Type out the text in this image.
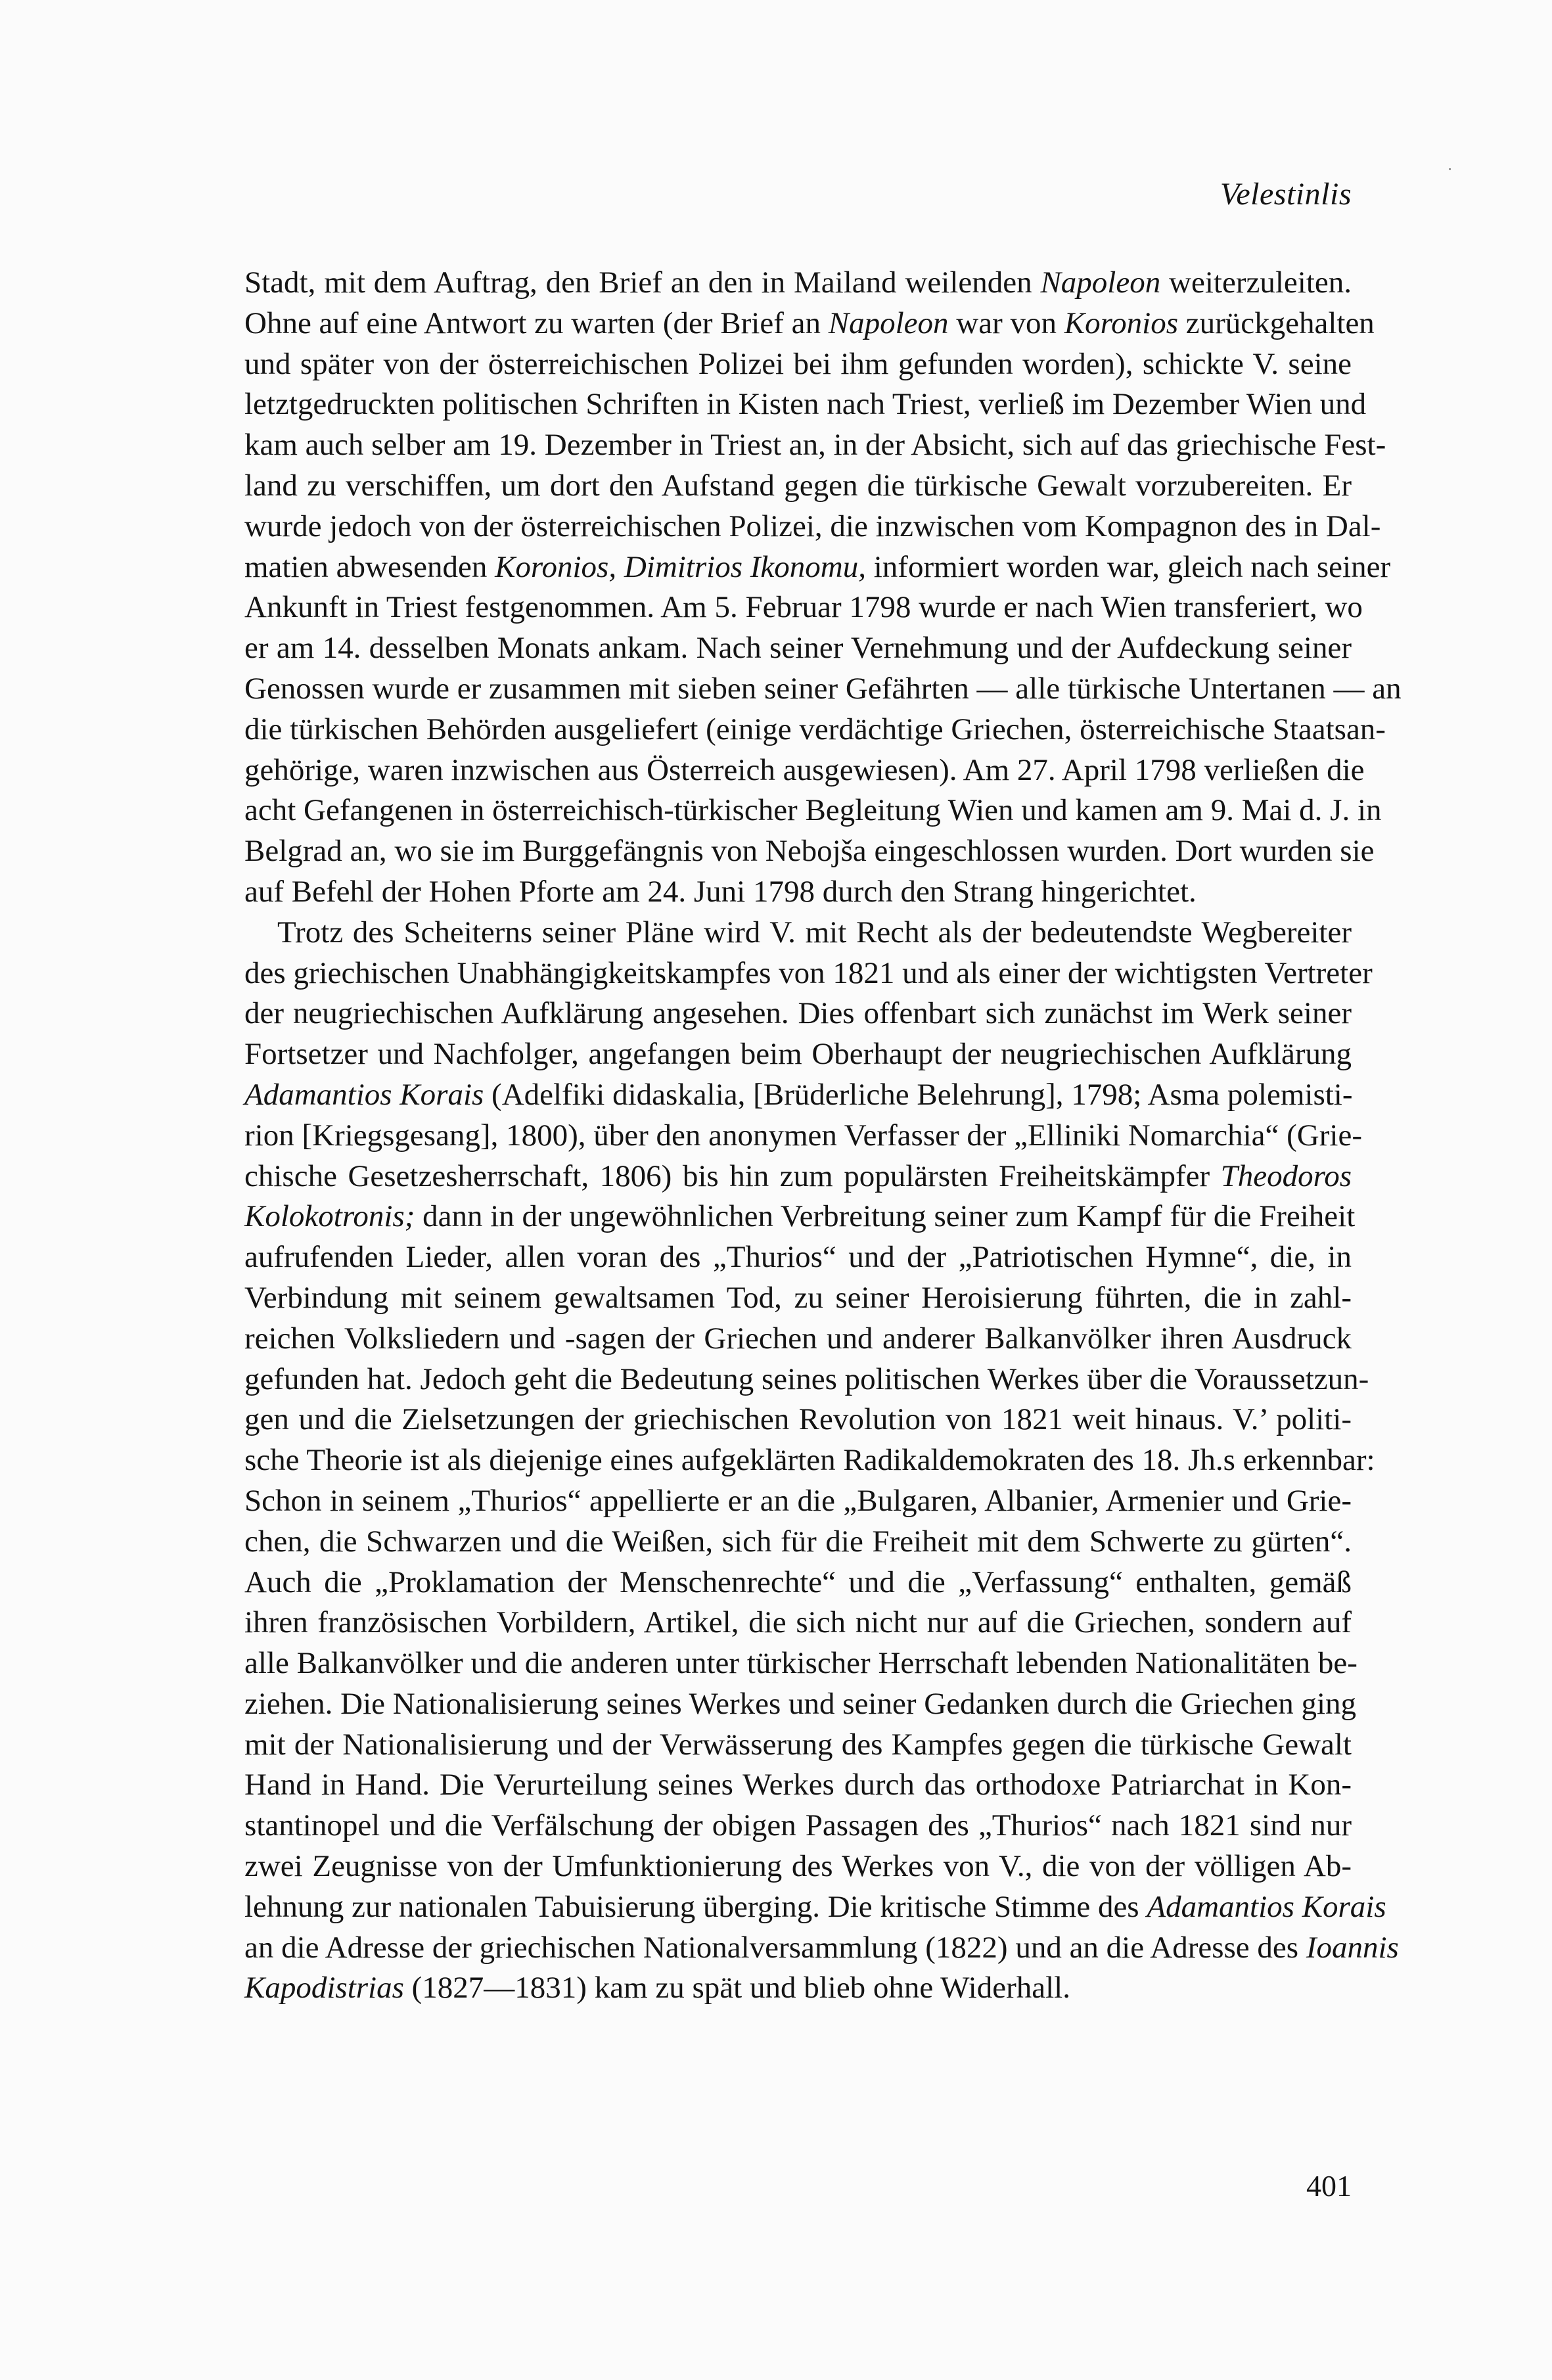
Velestinlis
Stadt, mit dem Auftrag, den Brief an den in Mailand weilenden Napoleon weiterzuleiten.
Ohne auf eine Antwort zu warten (der Brief an Napoleon war von Koronios zurückgehalten
und später von der österreichischen Polizei bei ihm gefunden worden), schickte V. seine
letztgedruckten politischen Schriften in Kisten nach Triest, verließ im Dezember Wien und
kam auch selber am 19. Dezember in Triest an, in der Absicht, sich auf das griechische Fest-
land zu verschiffen, um dort den Aufstand gegen die türkische Gewalt vorzubereiten. Er
wurde jedoch von der österreichischen Polizei, die inzwischen vom Kompagnon des in Dal-
matien abwesenden Koronios, Dimitrios Ikonomu, informiert worden war, gleich nach seiner
Ankunft in Triest festgenommen. Am 5. Februar 1798 wurde er nach Wien transferiert, wo
er am 14. desselben Monats ankam. Nach seiner Vernehmung und der Aufdeckung seiner
Genossen wurde er zusammen mit sieben seiner Gefährten — alle türkische Untertanen — an
die türkischen Behörden ausgeliefert (einige verdächtige Griechen, österreichische Staatsan-
gehörige, waren inzwischen aus Österreich ausgewiesen). Am 27. April 1798 verließen die
acht Gefangenen in österreichisch-türkischer Begleitung Wien und kamen am 9. Mai d. J. in
Belgrad an, wo sie im Burggefängnis von Nebojša eingeschlossen wurden. Dort wurden sie
auf Befehl der Hohen Pforte am 24. Juni 1798 durch den Strang hingerichtet.
Trotz des Scheiterns seiner Pläne wird V. mit Recht als der bedeutendste Wegbereiter
des griechischen Unabhängigkeitskampfes von 1821 und als einer der wichtigsten Vertreter
der neugriechischen Aufklärung angesehen. Dies offenbart sich zunächst im Werk seiner
Fortsetzer und Nachfolger, angefangen beim Oberhaupt der neugriechischen Aufklärung
Adamantios Korais (Adelfiki didaskalia, [Brüderliche Belehrung], 1798; Asma polemisti-
rion [Kriegsgesang], 1800), über den anonymen Verfasser der „Elliniki Nomarchia“ (Grie-
chische Gesetzesherrschaft, 1806) bis hin zum populärsten Freiheitskämpfer Theodoros
Kolokotronis; dann in der ungewöhnlichen Verbreitung seiner zum Kampf für die Freiheit
aufrufenden Lieder, allen voran des „Thurios“ und der „Patriotischen Hymne“, die, in
Verbindung mit seinem gewaltsamen Tod, zu seiner Heroisierung führten, die in zahl-
reichen Volksliedern und -sagen der Griechen und anderer Balkanvölker ihren Ausdruck
gefunden hat. Jedoch geht die Bedeutung seines politischen Werkes über die Voraussetzun-
gen und die Zielsetzungen der griechischen Revolution von 1821 weit hinaus. V.’ politi-
sche Theorie ist als diejenige eines aufgeklärten Radikaldemokraten des 18. Jh.s erkennbar:
Schon in seinem „Thurios“ appellierte er an die „Bulgaren, Albanier, Armenier und Grie-
chen, die Schwarzen und die Weißen, sich für die Freiheit mit dem Schwerte zu gürten“.
Auch die „Proklamation der Menschenrechte“ und die „Verfassung“ enthalten, gemäß
ihren französischen Vorbildern, Artikel, die sich nicht nur auf die Griechen, sondern auf
alle Balkanvölker und die anderen unter türkischer Herrschaft lebenden Nationalitäten be-
ziehen. Die Nationalisierung seines Werkes und seiner Gedanken durch die Griechen ging
mit der Nationalisierung und der Verwässerung des Kampfes gegen die türkische Gewalt
Hand in Hand. Die Verurteilung seines Werkes durch das orthodoxe Patriarchat in Kon-
stantinopel und die Verfälschung der obigen Passagen des „Thurios“ nach 1821 sind nur
zwei Zeugnisse von der Umfunktionierung des Werkes von V., die von der völligen Ab-
lehnung zur nationalen Tabuisierung überging. Die kritische Stimme des Adamantios Korais
an die Adresse der griechischen Nationalversammlung (1822) und an die Adresse des Ioannis
Kapodistrias (1827—1831) kam zu spät und blieb ohne Widerhall.
401
